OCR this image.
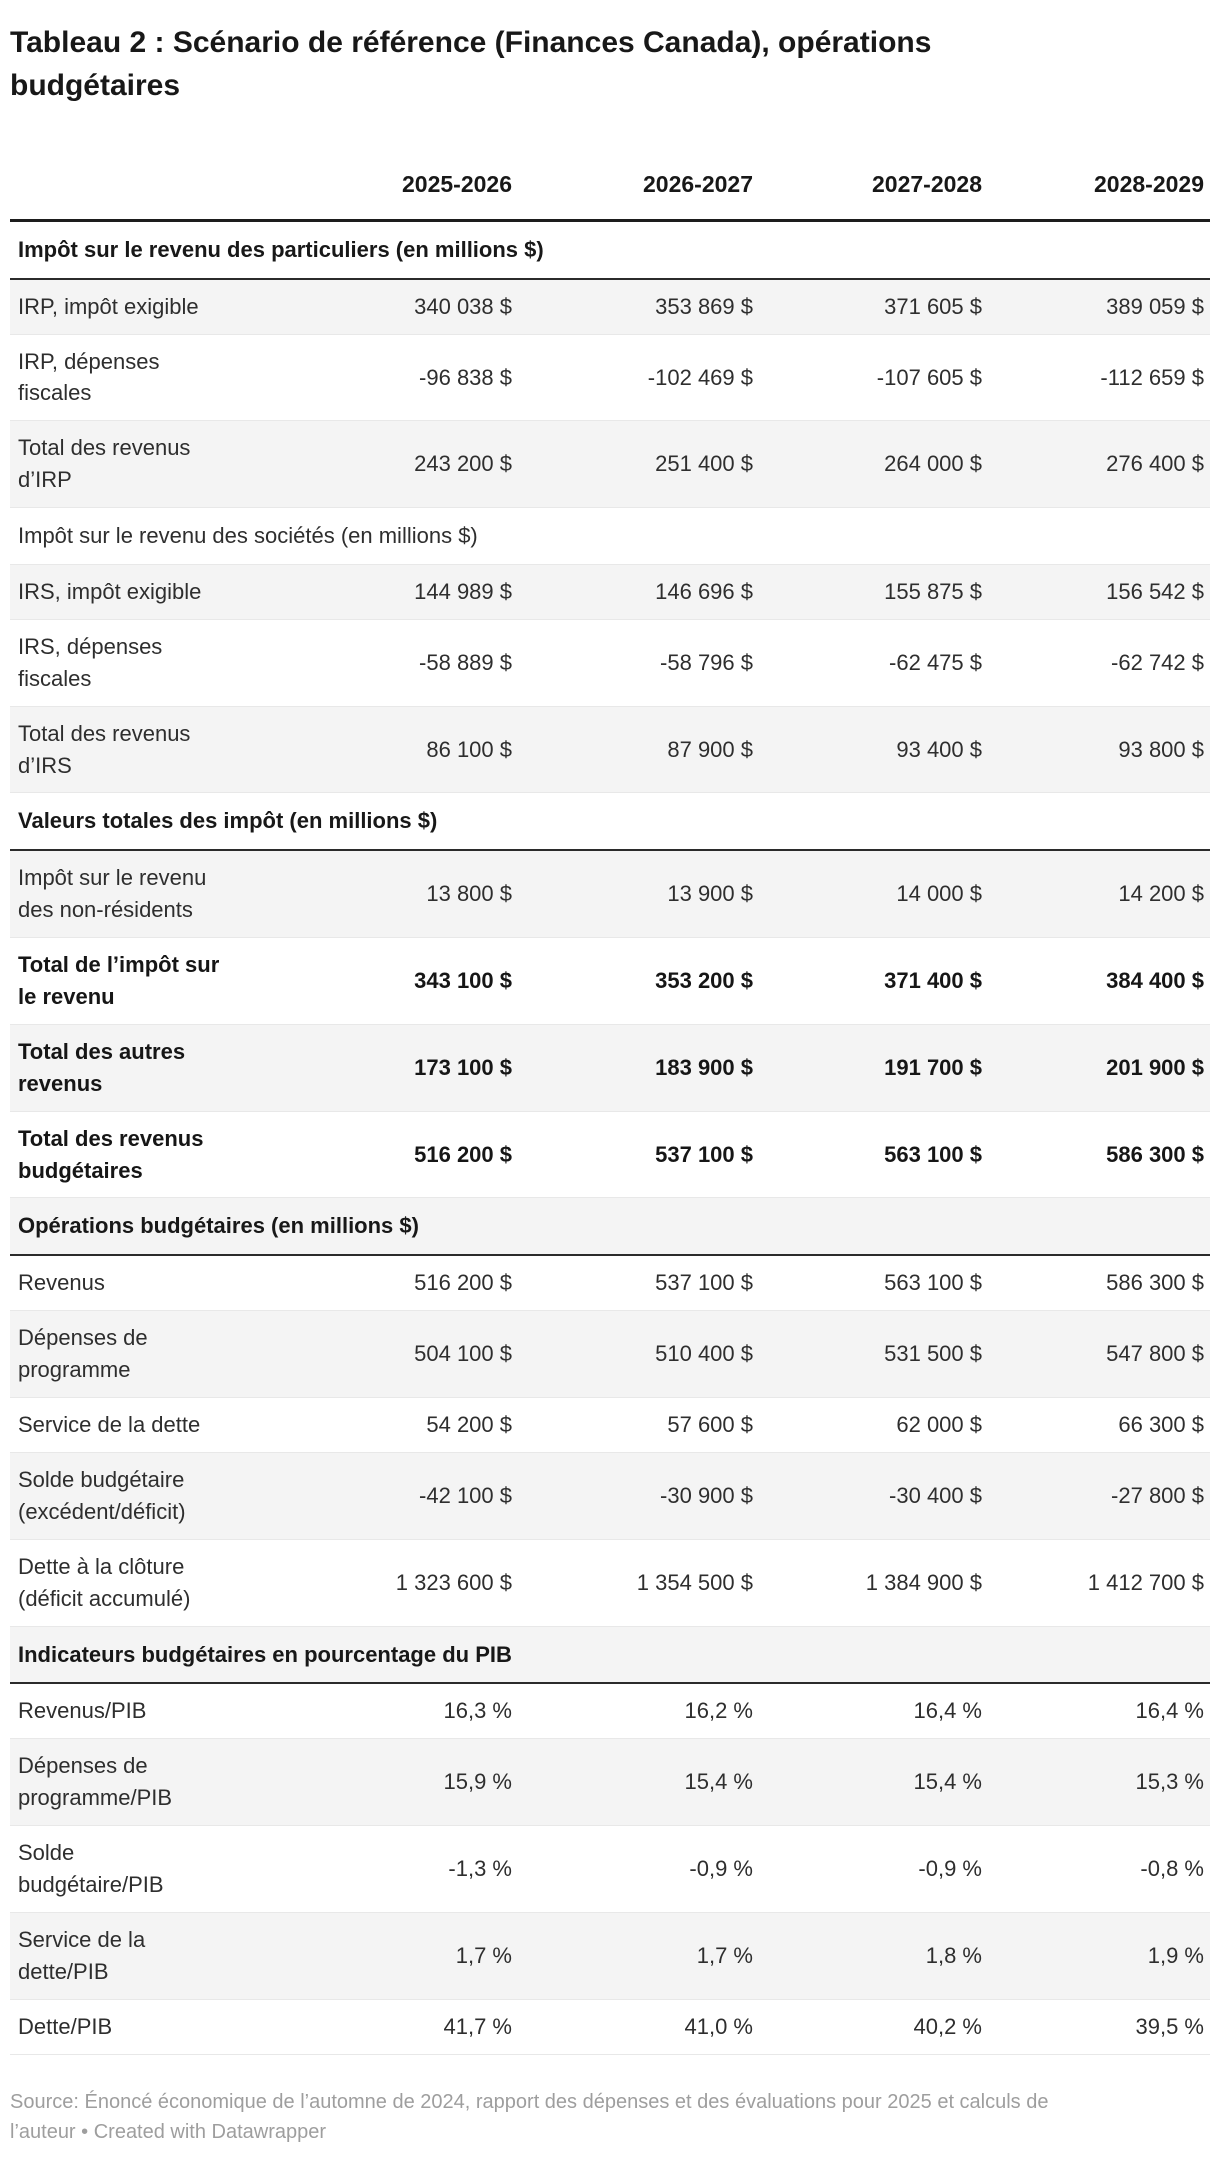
Tableau 2 : Scénario de référence (Finances Canada), opérations budgétaires
	2025-2026	2026-2027	2027-2028	2028-2029
Impôt sur le revenu des particuliers (en millions $)				
IRP, impôt exigible	340 038 $	353 869 $	371 605 $	389 059 $
IRP, dépenses fiscales	-96 838 $	-102 469 $	-107 605 $	-112 659 $
Total des revenus d’IRP	243 200 $	251 400 $	264 000 $	276 400 $
Impôt sur le revenu des sociétés (en millions $)				
IRS, impôt exigible	144 989 $	146 696 $	155 875 $	156 542 $
IRS, dépenses fiscales	-58 889 $	-58 796 $	-62 475 $	-62 742 $
Total des revenus d’IRS	86 100 $	87 900 $	93 400 $	93 800 $
Valeurs totales des impôt (en millions $)				
Impôt sur le revenu des non-résidents	13 800 $	13 900 $	14 000 $	14 200 $
Total de l’impôt sur le revenu	343 100 $	353 200 $	371 400 $	384 400 $
Total des autres revenus	173 100 $	183 900 $	191 700 $	201 900 $
Total des revenus budgétaires	516 200 $	537 100 $	563 100 $	586 300 $
Opérations budgétaires (en millions $)				
Revenus	516 200 $	537 100 $	563 100 $	586 300 $
Dépenses de programme	504 100 $	510 400 $	531 500 $	547 800 $
Service de la dette	54 200 $	57 600 $	62 000 $	66 300 $
Solde budgétaire (excédent/déficit)	-42 100 $	-30 900 $	-30 400 $	-27 800 $
Dette à la clôture (déficit accumulé)	1 323 600 $	1 354 500 $	1 384 900 $	1 412 700 $
Indicateurs budgétaires en pourcentage du PIB				
Revenus/PIB	16,3 %	16,2 %	16,4 %	16,4 %
Dépenses de programme/PIB	15,9 %	15,4 %	15,4 %	15,3 %
Solde budgétaire/PIB	-1,3 %	-0,9 %	-0,9 %	-0,8 %
Service de la dette/PIB	1,7 %	1,7 %	1,8 %	1,9 %
Dette/PIB	41,7 %	41,0 %	40,2 %	39,5 %

Source: Énoncé économique de l’automne de 2024, rapport des dépenses et des évaluations pour 2025 et calculs de l’auteur • Created with Datawrapper
